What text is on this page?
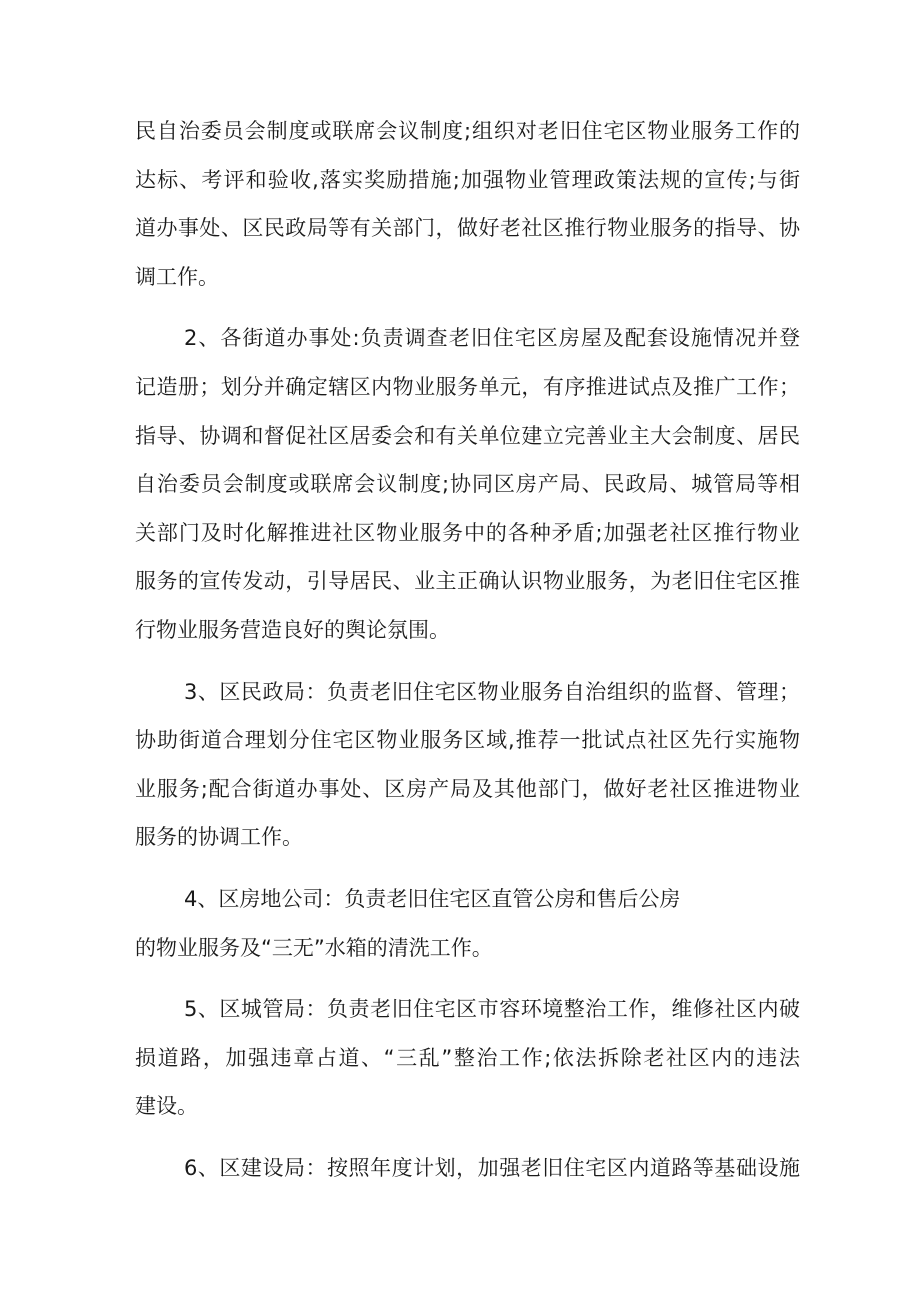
民自治委员会制度或联席会议制度;组织对老旧住宅区物业服务工作的
达标、考评和验收,落实奖励措施;加强物业管理政策法规的宣传;与街
道办事处、区民政局等有关部门，做好老社区推行物业服务的指导、协
调工作。
2、各街道办事处:负责调查老旧住宅区房屋及配套设施情况并登
记造册；划分并确定辖区内物业服务单元，有序推进试点及推广工作；
指导、协调和督促社区居委会和有关单位建立完善业主大会制度、居民
自治委员会制度或联席会议制度;协同区房产局、民政局、城管局等相
关部门及时化解推进社区物业服务中的各种矛盾;加强老社区推行物业
服务的宣传发动，引导居民、业主正确认识物业服务，为老旧住宅区推
行物业服务营造良好的舆论氛围。
3、区民政局：负责老旧住宅区物业服务自治组织的监督、管理；
协助街道合理划分住宅区物业服务区域,推荐一批试点社区先行实施物
业服务;配合街道办事处、区房产局及其他部门，做好老社区推进物业
服务的协调工作。
4、区房地公司：负责老旧住宅区直管公房和售后公房
的物业服务及“三无”水箱的清洗工作。
5、区城管局：负责老旧住宅区市容环境整治工作，维修社区内破
损道路，加强违章占道、“三乱”整治工作;依法拆除老社区内的违法
建设。
6、区建设局：按照年度计划，加强老旧住宅区内道路等基础设施
